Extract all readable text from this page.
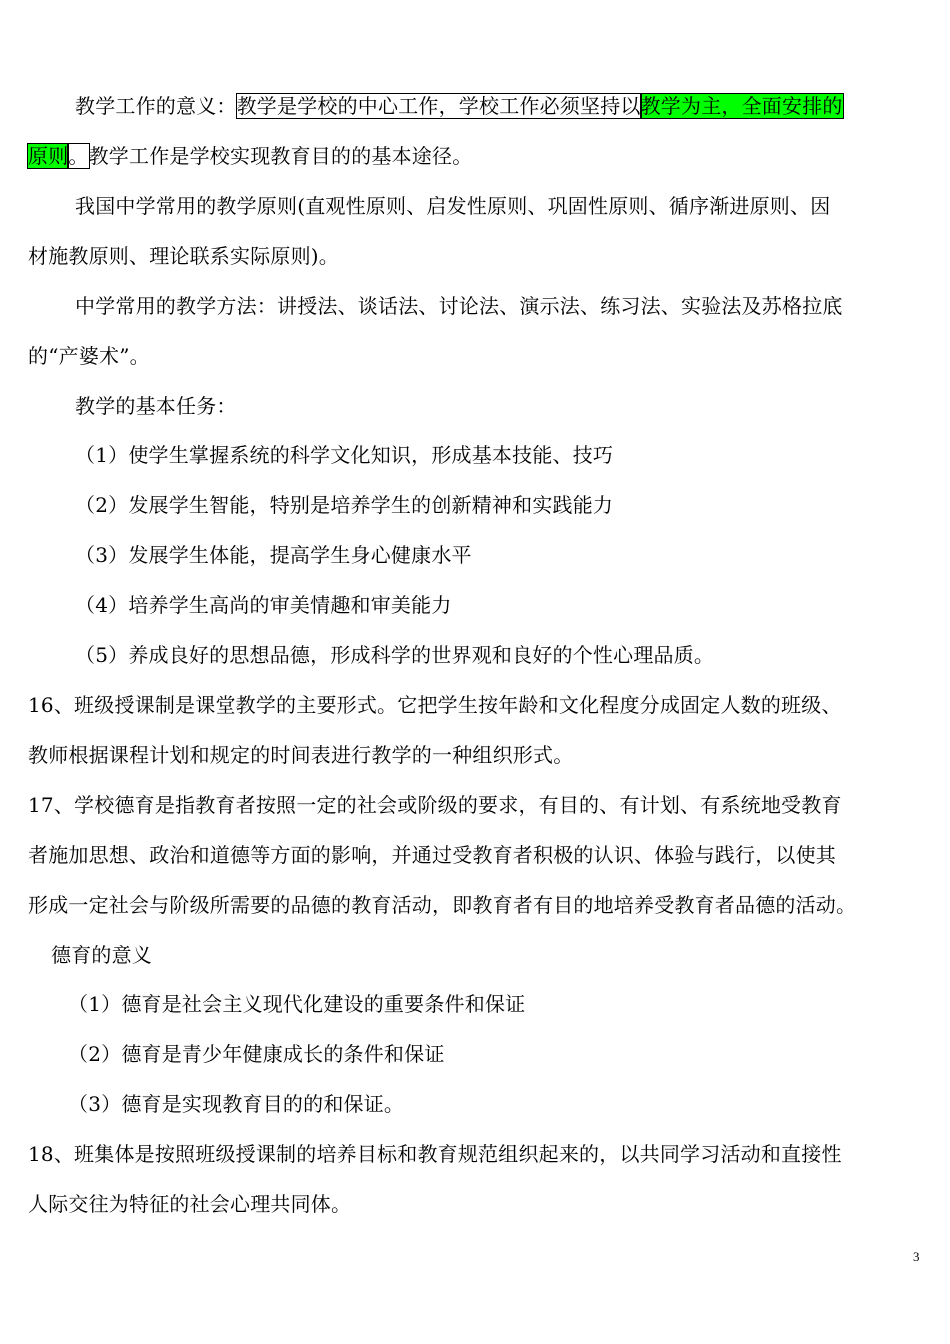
教学工作的意义：教学是学校的中心工作，学校工作必须坚持以教学为主，全面安排的
原则。教学工作是学校实现教育目的的基本途径。
我国中学常用的教学原则(直观性原则、启发性原则、巩固性原则、循序渐进原则、因
材施教原则、理论联系实际原则)。
中学常用的教学方法：讲授法、谈话法、讨论法、演示法、练习法、实验法及苏格拉底
的“产婆术”。
教学的基本任务：
（1）使学生掌握系统的科学文化知识，形成基本技能、技巧
（2）发展学生智能，特别是培养学生的创新精神和实践能力
（3）发展学生体能，提高学生身心健康水平
（4）培养学生高尚的审美情趣和审美能力
（5）养成良好的思想品德，形成科学的世界观和良好的个性心理品质。
16、班级授课制是课堂教学的主要形式。它把学生按年龄和文化程度分成固定人数的班级、
教师根据课程计划和规定的时间表进行教学的一种组织形式。
17、学校德育是指教育者按照一定的社会或阶级的要求，有目的、有计划、有系统地受教育
者施加思想、政治和道德等方面的影响，并通过受教育者积极的认识、体验与践行，以使其
形成一定社会与阶级所需要的品德的教育活动，即教育者有目的地培养受教育者品德的活动。
德育的意义
（1）德育是社会主义现代化建设的重要条件和保证
（2）德育是青少年健康成长的条件和保证
（3）德育是实现教育目的的和保证。
18、班集体是按照班级授课制的培养目标和教育规范组织起来的，以共同学习活动和直接性
人际交往为特征的社会心理共同体。
3
